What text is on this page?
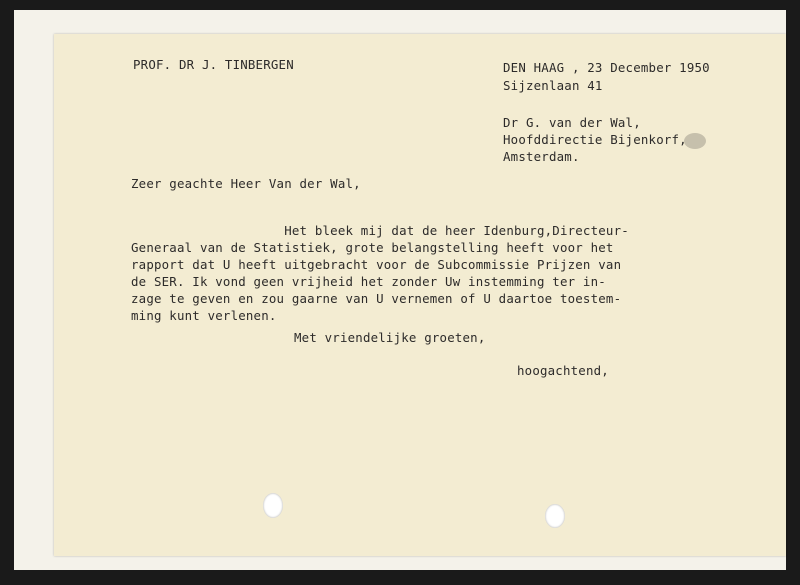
PROF. DR J. TINBERGEN	DEN HAAG , 23 December 1950
Sijzenlaan 41
Dr G. van der Wal,
Hoofddirectie Bijenkorf,
Amsterdam.
Zeer geachte Heer Van der Wal,
Het bleek mij dat de heer Idenburg,Directeur-
Generaal van de Statistiek, grote belangstelling heeft voor het
rapport dat U heeft uitgebracht voor de Subcommissie Prijzen van
de SER. Ik vond geen vrijheid het zonder Uw instemming ter in-
zage te geven en zou gaarne van U vernemen of U daartoe toestem-
ming kunt verlenen.
Met vriendelijke groeten,
hoogachtend,
